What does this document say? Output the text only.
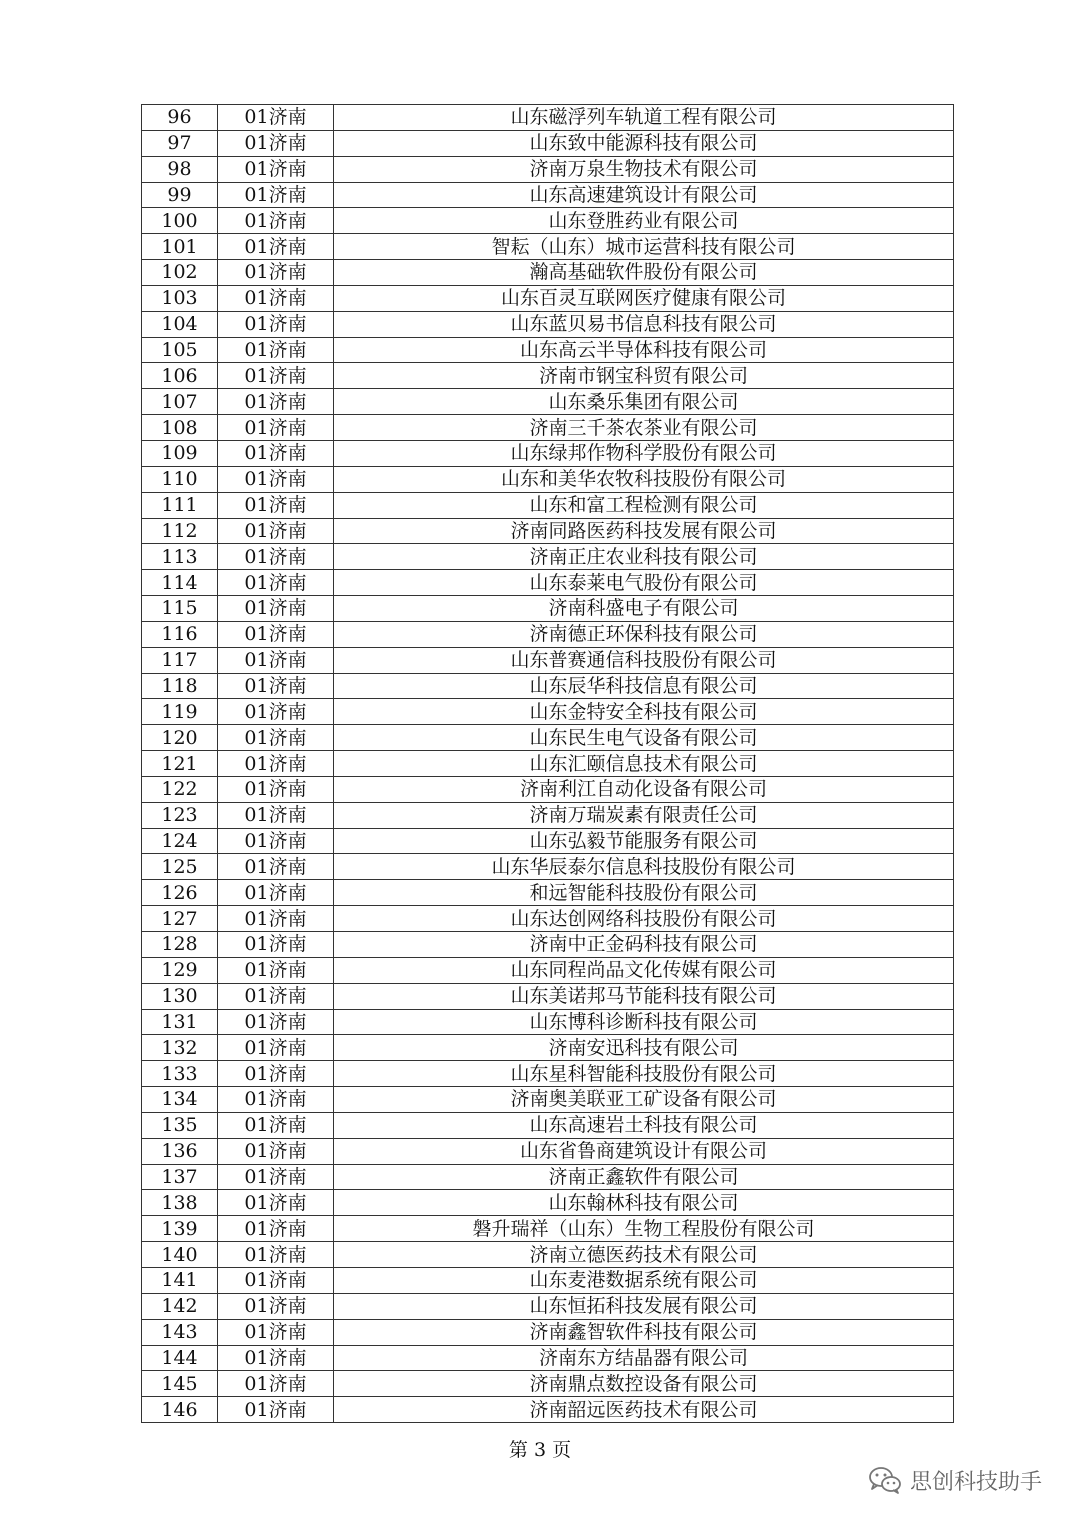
96	01济南	山东磁浮列车轨道工程有限公司
97	01济南	山东致中能源科技有限公司
98	01济南	济南万泉生物技术有限公司
99	01济南	山东高速建筑设计有限公司
100	01济南	山东登胜药业有限公司
101	01济南	智耘（山东）城市运营科技有限公司
102	01济南	瀚高基础软件股份有限公司
103	01济南	山东百灵互联网医疗健康有限公司
104	01济南	山东蓝贝易书信息科技有限公司
105	01济南	山东高云半导体科技有限公司
106	01济南	济南市钢宝科贸有限公司
107	01济南	山东桑乐集团有限公司
108	01济南	济南三千茶农茶业有限公司
109	01济南	山东绿邦作物科学股份有限公司
110	01济南	山东和美华农牧科技股份有限公司
111	01济南	山东和富工程检测有限公司
112	01济南	济南同路医药科技发展有限公司
113	01济南	济南正庄农业科技有限公司
114	01济南	山东泰莱电气股份有限公司
115	01济南	济南科盛电子有限公司
116	01济南	济南德正环保科技有限公司
117	01济南	山东普赛通信科技股份有限公司
118	01济南	山东辰华科技信息有限公司
119	01济南	山东金特安全科技有限公司
120	01济南	山东民生电气设备有限公司
121	01济南	山东汇颐信息技术有限公司
122	01济南	济南利江自动化设备有限公司
123	01济南	济南万瑞炭素有限责任公司
124	01济南	山东弘毅节能服务有限公司
125	01济南	山东华辰泰尔信息科技股份有限公司
126	01济南	和远智能科技股份有限公司
127	01济南	山东达创网络科技股份有限公司
128	01济南	济南中正金码科技有限公司
129	01济南	山东同程尚品文化传媒有限公司
130	01济南	山东美诺邦马节能科技有限公司
131	01济南	山东博科诊断科技有限公司
132	01济南	济南安迅科技有限公司
133	01济南	山东星科智能科技股份有限公司
134	01济南	济南奥美联亚工矿设备有限公司
135	01济南	山东高速岩土科技有限公司
136	01济南	山东省鲁商建筑设计有限公司
137	01济南	济南正鑫软件有限公司
138	01济南	山东翰林科技有限公司
139	01济南	磐升瑞祥（山东）生物工程股份有限公司
140	01济南	济南立德医药技术有限公司
141	01济南	山东麦港数据系统有限公司
142	01济南	山东恒拓科技发展有限公司
143	01济南	济南鑫智软件科技有限公司
144	01济南	济南东方结晶器有限公司
145	01济南	济南鼎点数控设备有限公司
146	01济南	济南韶远医药技术有限公司
第 3 页
思创科技助手
